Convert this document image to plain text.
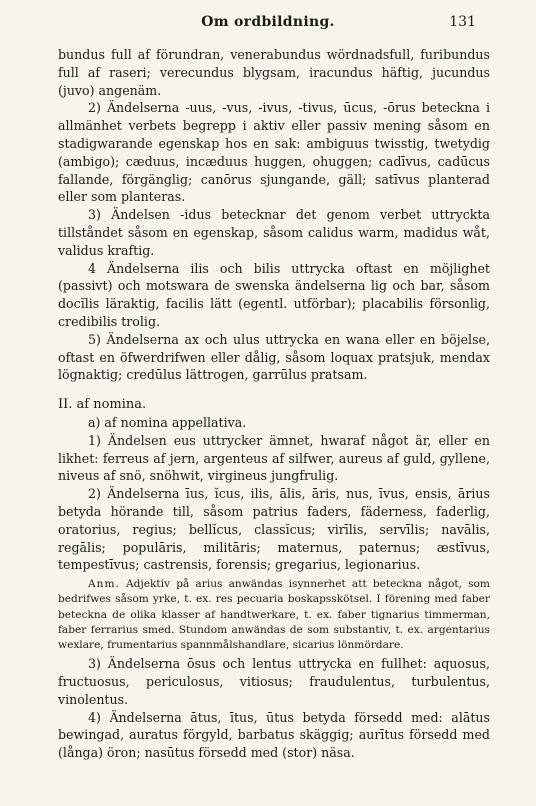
Om ordbildning.	131

bundus full af förundran, venerabundus wördnadsfull, furibundus full af raseri; verecundus blygsam, iracundus häftig, jucundus (juvo) angenäm.

2) Ändelserna -uus, -vus, -ivus, -tivus, ūcus, -ōrus beteckna i allmänhet verbets begrepp i aktiv eller passiv mening såsom en stadigwarande egenskap hos en sak: ambiguus twisstig, twetydig (ambigo); cæduus, incæduus huggen, ohuggen; cadīvus, cadūcus fallande, förgänglig; canōrus sjungande, gäll; satīvus planterad eller som planteras.

3) Ändelsen -idus betecknar det genom verbet uttryckta tillståndet såsom en egenskap, såsom calidus warm, madidus wåt, validus kraftig.

4 Ändelserna ilis och bilis uttrycka oftast en möjlighet (passivt) och motswara de swenska ändelserna lig och bar, såsom docĭlis läraktig, facilis lätt (egentl. utförbar); placabilis försonlig, credibilis trolig.

5) Ändelserna ax och ulus uttrycka en wana eller en böjelse, oftast en öfwerdrifwen eller dålig, såsom loquax pratsjuk, mendax lögnaktig; credūlus lättrogen, garrūlus pratsam.

II. af nomina.

a) af nomina appellativa.

1) Ändelsen eus uttrycker ämnet, hwaraf något är, eller en likhet: ferreus af jern, argenteus af silfwer, aureus af guld, gyllene, niveus af snö, snöhwit, virgineus jungfrulig.

2) Ändelserna īus, ĭcus, ilis, ālis, āris, nus, īvus, ensis, ārius betyda hörande till, såsom patrius faders, fäderness, faderlig, oratorius, regius; bellĭcus, classĭcus; virīlis, servīlis; navālis, regālis; populāris, militāris; maternus, paternus; æstīvus, tempestīvus; castrensis, forensis; gregarius, legionarius.

Anm. Adjektiv på arius anwändas isynnerhet att beteckna något, som bedrifwes såsom yrke, t. ex. res pecuaria boskapsskötsel. I förening med faber beteckna de olika klasser af handtwerkare, t. ex. faber tignarius timmerman, faber ferrarius smed. Stundom anwändas de som substantiv, t. ex. argentarius wexlare, frumentarius spannmålshandlare, sicarius lönmördare.

3) Ändelserna ōsus och lentus uttrycka en fullhet: aquosus, fructuosus, periculosus, vitiosus; fraudulentus, turbulentus, vinolentus.

4) Ändelserna ātus, ītus, ūtus betyda försedd med: alātus bewingad, auratus förgyld, barbatus skäggig; aurītus försedd med (långa) öron; nasūtus försedd med (stor) näsa.
